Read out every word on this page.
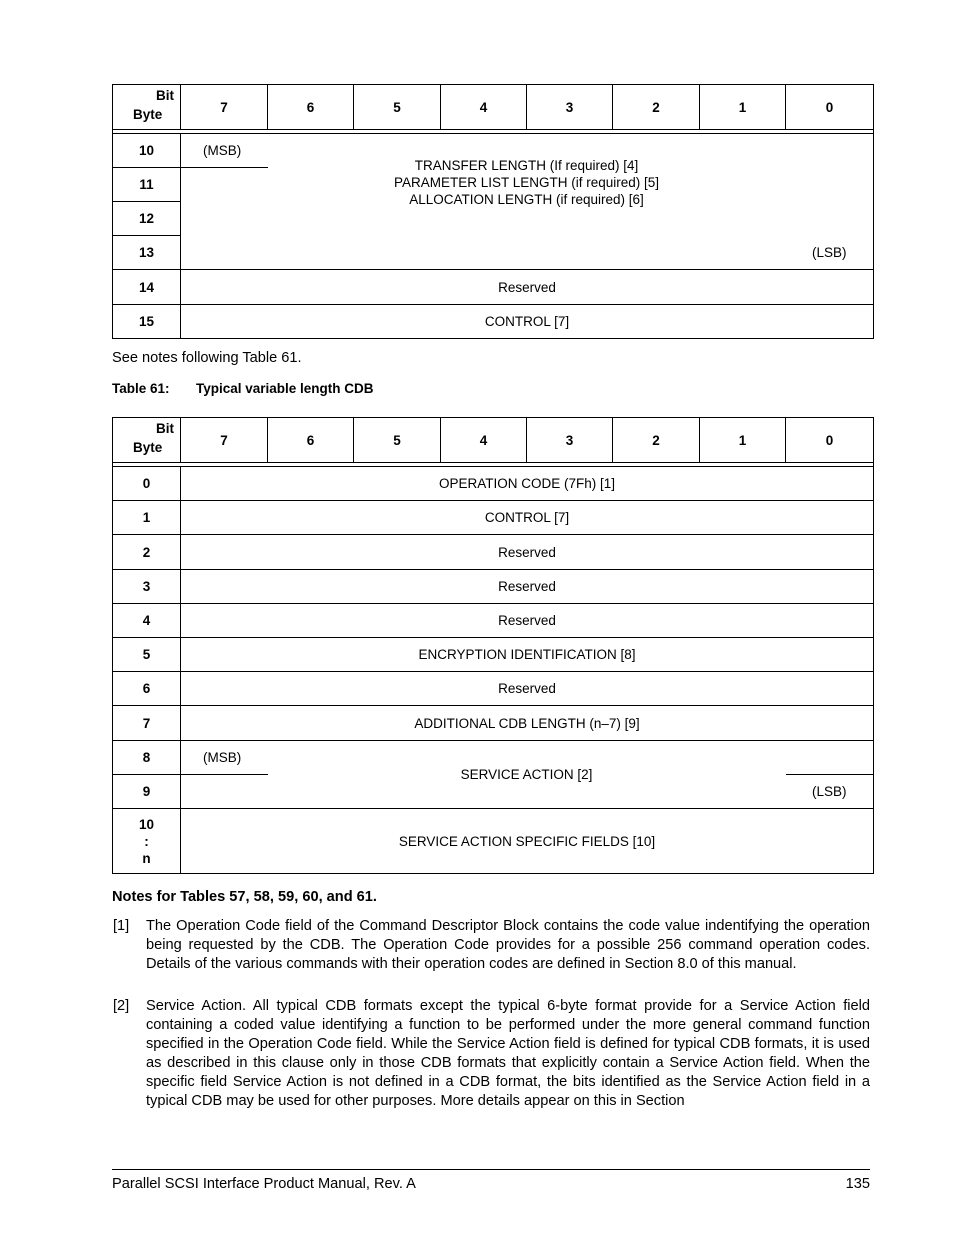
Bit
Byte	7	6	5	4	3	2	1	0

10	(MSB)	TRANSFER LENGTH (If required) [4]
PARAMETER LIST LENGTH (if required) [5]
ALLOCATION LENGTH (if required) [6]						

11								
12								
13								(LSB)
14	Reserved							
15	CONTROL [7]							
See notes following Table 61.
Table 61: Typical variable length CDB
Bit
Byte	7	6	5	4	3	2	1	0

0	OPERATION CODE (7Fh) [1]							
1	CONTROL [7]							
2	Reserved							
3	Reserved							
4	Reserved							
5	ENCRYPTION IDENTIFICATION [8]							
6	Reserved							
7	ADDITIONAL CDB LENGTH (n–7) [9]							
8	(MSB)	SERVICE ACTION [2]						
9								(LSB)

10
:
n	SERVICE ACTION SPECIFIC FIELDS [10]							
Notes for Tables 57, 58, 59, 60, and 61.
[1] The Operation Code field of the Command Descriptor Block contains the code value indentifying the operation being requested by the CDB. The Operation Code provides for a possible 256 command operation codes. Details of the various commands with their operation codes are defined in Section 8.0 of this manual.
[2] Service Action. All typical CDB formats except the typical 6-byte format provide for a Service Action field containing a coded value identifying a function to be performed under the more general command function specified in the Operation Code field. While the Service Action field is defined for typical CDB formats, it is used as described in this clause only in those CDB formats that explicitly contain a Service Action field. When the specific field Service Action is not defined in a CDB format, the bits identified as the Service Action field in a typical CDB may be used for other purposes. More details appear on this in Section
Parallel SCSI Interface Product Manual, Rev. A	135
